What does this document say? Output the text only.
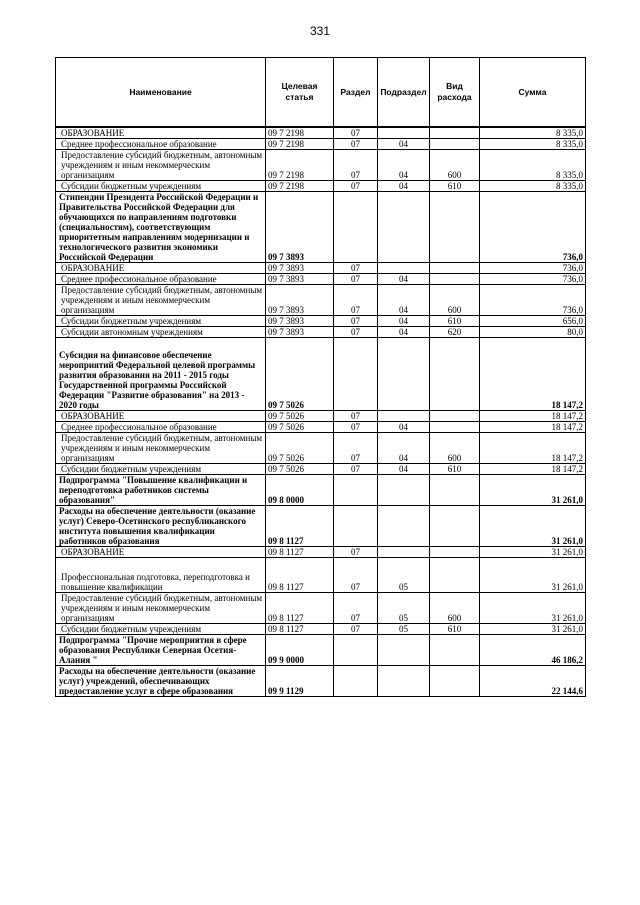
331
Наименование	Целевая статья	Раздел	Подраздел	Вид расхода	Сумма
ОБРАЗОВАНИЕ	09 7 2198	07			8 335,0
Среднее профессиональное образование	09 7 2198	07	04		8 335,0
Предоставление субсидий бюджетным, автономным учреждениям и иным некоммерческим организациям	09 7 2198	07	04	600	8 335,0
Субсидии бюджетным учреждениям	09 7 2198	07	04	610	8 335,0
Стипендии Президента Российской Федерации и Правительства Российской Федерации для обучающихся по направлениям подготовки (специальностям), соответствующим приоритетным направлениям модернизации и технологического развития экономики Российской Федерации	09 7 3893				736,0
ОБРАЗОВАНИЕ	09 7 3893	07			736,0
Среднее профессиональное образование	09 7 3893	07	04		736,0
Предоставление субсидий бюджетным, автономным учреждениям и иным некоммерческим организациям	09 7 3893	07	04	600	736,0
Субсидии бюджетным учреждениям	09 7 3893	07	04	610	656,0
Субсидии автономным учреждениям	09 7 3893	07	04	620	80,0
Субсидия на финансовое обеспечение мероприятий Федеральной целевой программы развития образования на 2011 - 2015 годы Государственной программы Российской Федерации "Развитие образования" на 2013 - 2020 годы	09 7 5026				18 147,2
ОБРАЗОВАНИЕ	09 7 5026	07			18 147,2
Среднее профессиональное образование	09 7 5026	07	04		18 147,2
Предоставление субсидий бюджетным, автономным учреждениям и иным некоммерческим организациям	09 7 5026	07	04	600	18 147,2
Субсидии бюджетным учреждениям	09 7 5026	07	04	610	18 147,2
Подпрограмма "Повышение квалификации и переподготовка работников системы образования"	09 8 0000				31 261,0
Расходы на обеспечение деятельности (оказание услуг) Северо-Осетинского республиканского института повышения квалификации работников образования	09 8 1127				31 261,0
ОБРАЗОВАНИЕ	09 8 1127	07			31 261,0
Профессиональная подготовка, переподготовка и повышение квалификации	09 8 1127	07	05		31 261,0
Предоставление субсидий бюджетным, автономным учреждениям и иным некоммерческим организациям	09 8 1127	07	05	600	31 261,0
Субсидии бюджетным учреждениям	09 8 1127	07	05	610	31 261,0
Подпрограмма "Прочие мероприятия в сфере образования Республики Северная Осетия-Алания "	09 9 0000				46 186,2
Расходы на обеспечение деятельности (оказание услуг) учреждений, обеспечивающих предоставление услуг в сфере образования	09 9 1129				22 144,6
